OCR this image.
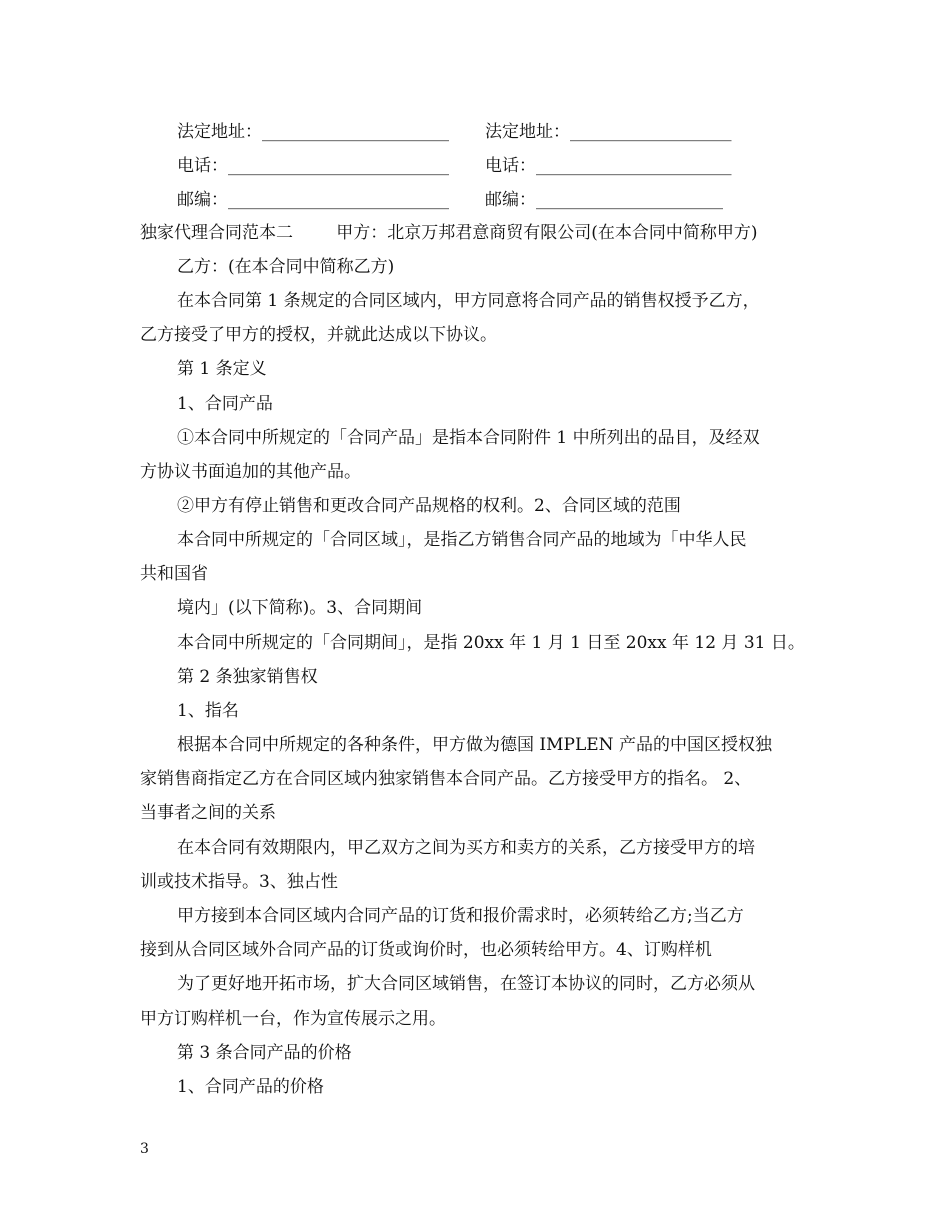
法定地址：______________________ 法定地址：___________________
电话：__________________________ 电话：_______________________
邮编：__________________________ 邮编：______________________
独家代理合同范本二        甲方：北京万邦君意商贸有限公司(在本合同中简称甲方)
乙方：(在本合同中简称乙方)
在本合同第 1 条规定的合同区域内，甲方同意将合同产品的销售权授予乙方，
乙方接受了甲方的授权，并就此达成以下协议。
第 1 条定义
1、合同产品
①本合同中所规定的「合同产品」是指本合同附件 1 中所列出的品目，及经双
方协议书面追加的其他产品。
②甲方有停止销售和更改合同产品规格的权利。2、合同区域的范围
本合同中所规定的「合同区域」，是指乙方销售合同产品的地域为「中华人民
共和国省
境内」(以下简称)。3、合同期间
本合同中所规定的「合同期间」，是指 20xx 年 1 月 1 日至 20xx 年 12 月 31 日。
第 2 条独家销售权
1、指名
根据本合同中所规定的各种条件，甲方做为德国 IMPLEN 产品的中国区授权独
家销售商指定乙方在合同区域内独家销售本合同产品。乙方接受甲方的指名。 2、
当事者之间的关系
在本合同有效期限内，甲乙双方之间为买方和卖方的关系，乙方接受甲方的培
训或技术指导。3、独占性
甲方接到本合同区域内合同产品的订货和报价需求时，必须转给乙方;当乙方
接到从合同区域外合同产品的订货或询价时，也必须转给甲方。4、订购样机
为了更好地开拓市场，扩大合同区域销售，在签订本协议的同时，乙方必须从
甲方订购样机一台，作为宣传展示之用。
第 3 条合同产品的价格
1、合同产品的价格
3
